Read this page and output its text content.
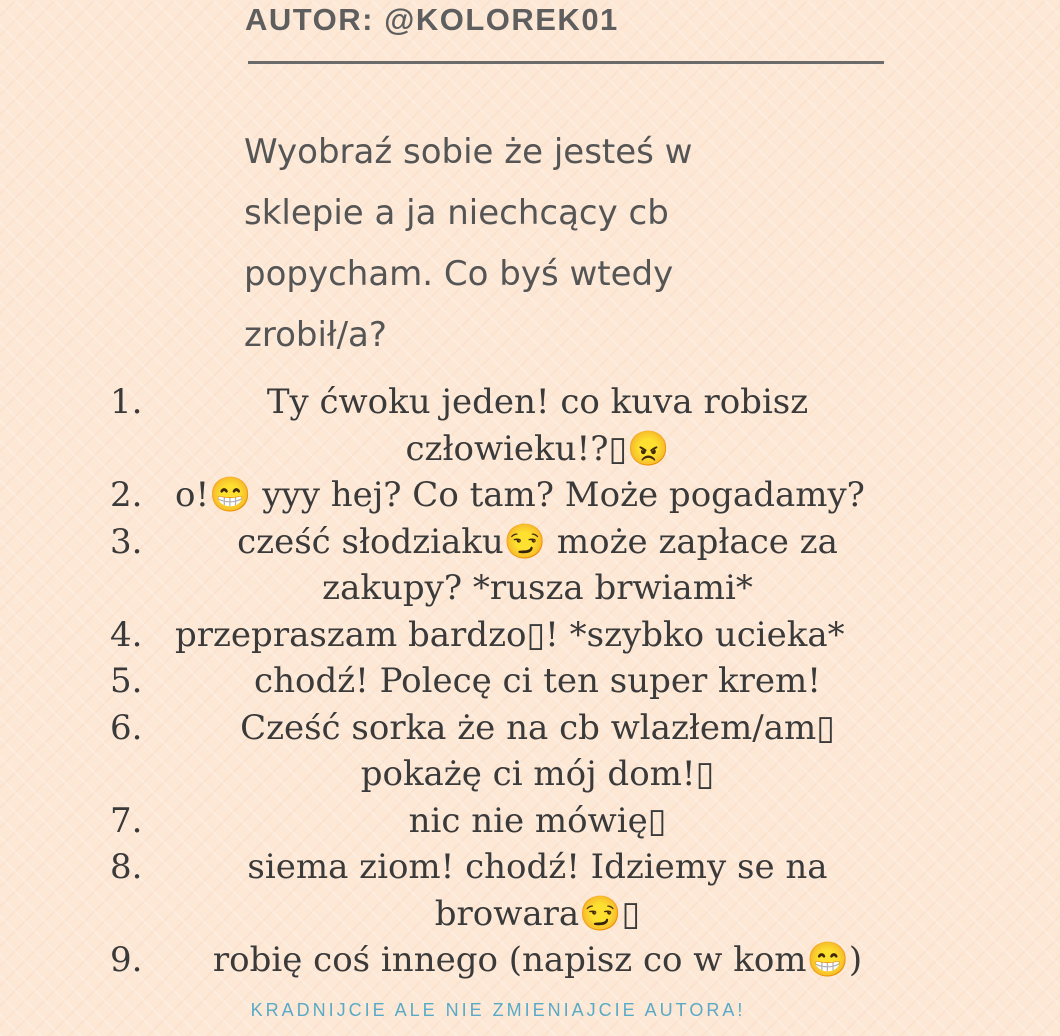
AUTOR: @KOLOREK01
Wyobraź sobie że jesteś w
sklepie a ja niechcący cb
popycham. Co byś wtedy
zrobił/a?
1.	Ty ćwoku jeden! co kuva robisz
człowieku!?▯😠
2. o!😁 yyy hej? Co tam? Może pogadamy?
3.	cześć słodziaku😏 może zapłace za
zakupy? *rusza brwiami*
4. przepraszam bardzo▯! *szybko ucieka*
5.	chodź! Polecę ci ten super krem!
6.	Cześć sorka że na cb wlazłem/am▯
pokażę ci mój dom!▯
7.	nic nie mówię▯
8.	siema ziom! chodź! Idziemy se na
browara😏▯
9.	robię coś innego (napisz co w kom😁)
KRADNIJCIE ALE NIE ZMIENIAJCIE AUTORA!
